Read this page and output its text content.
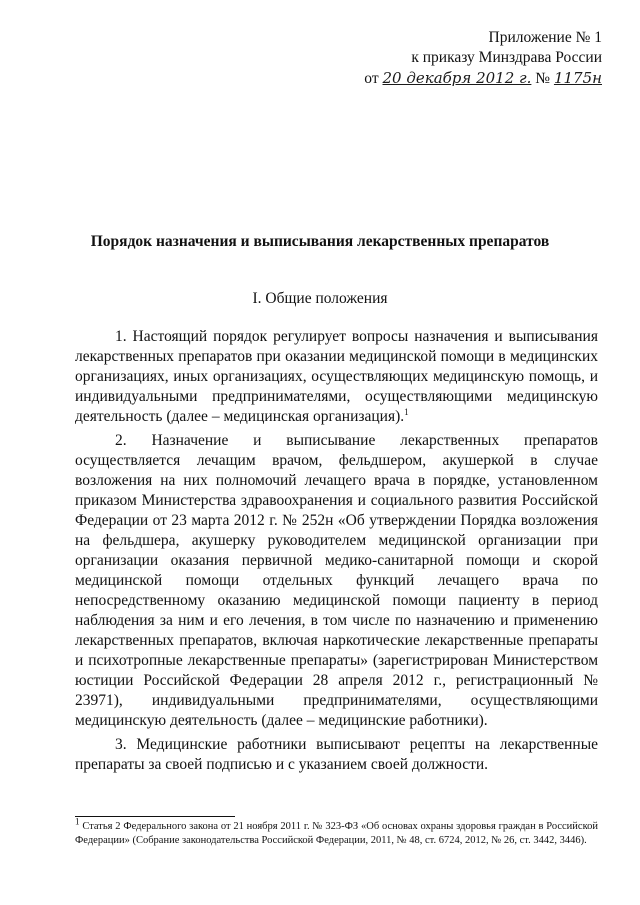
Приложение № 1
к приказу Минздрава России
от 20 декабря 2012 г. № 1175н
Порядок назначения и выписывания лекарственных препаратов
I. Общие положения

1. Настоящий порядок регулирует вопросы назначения и выписывания лекарственных препаратов при оказании медицинской помощи в медицинских организациях, иных организациях, осуществляющих медицинскую помощь, и индивидуальными предпринимателями, осуществляющими медицинскую деятельность (далее – медицинская организация).$^1$

2. Назначение и выписывание лекарственных препаратов осуществляется лечащим врачом, фельдшером, акушеркой в случае возложения на них полномочий лечащего врача в порядке, установленном приказом Министерства здравоохранения и социального развития Российской Федерации от 23 марта 2012 г. № 252н «Об утверждении Порядка возложения на фельдшера, акушерку руководителем медицинской организации при организации оказания первичной медико-санитарной помощи и скорой медицинской помощи отдельных функций лечащего врача по непосредственному оказанию медицинской помощи пациенту в период наблюдения за ним и его лечения, в том числе по назначению и применению лекарственных препаратов, включая наркотические лекарственные препараты и психотропные лекарственные препараты» (зарегистрирован Министерством юстиции Российской Федерации 28 апреля 2012 г., регистрационный № 23971), индивидуальными предпринимателями, осуществляющими медицинскую деятельность (далее – медицинские работники).

3. Медицинские работники выписывают рецепты на лекарственные препараты за своей подписью и с указанием своей должности.

$^1$ Статья 2 Федерального закона от 21 ноября 2011 г. № 323-ФЗ «Об основах охраны здоровья граждан в Российской Федерации» (Собрание законодательства Российской Федерации, 2011, № 48, ст. 6724, 2012, № 26, ст. 3442, 3446).
